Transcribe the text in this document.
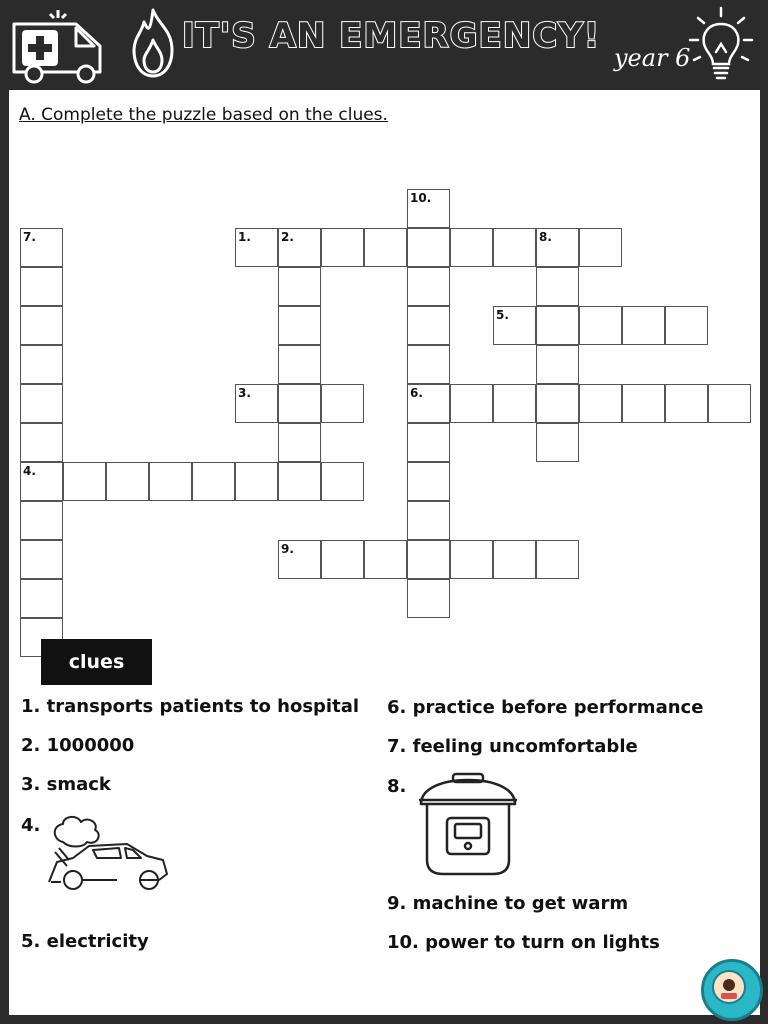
IT'S AN EMERGENCY!
year 6
A. Complete the puzzle based on the clues.
7.
4.
1.	2.	8.
3.
10.
6.
5.
9.
clues
1. transports patients to hospital
2. 1000000
3. smack
4.
5. electricity
6. practice before performance
7. feeling uncomfortable
8.
9. machine to get warm
10. power to turn on lights
